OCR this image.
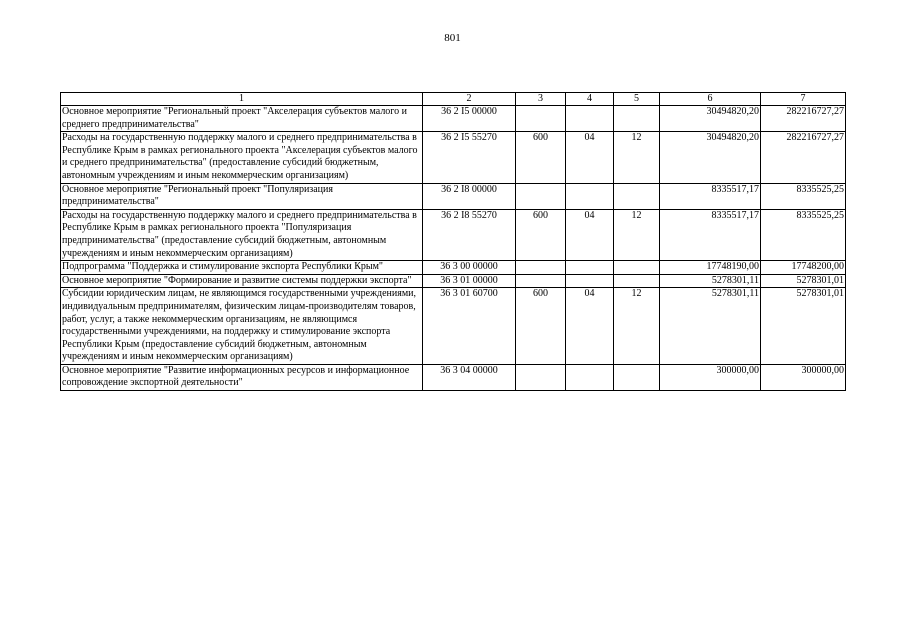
801
1	2	3	4	5	6	7
Основное мероприятие "Региональный проект "Акселерация субъектов малого и среднего предпринимательства"	36 2 I5 00000				30494820,20	282216727,27
Расходы на государственную поддержку малого и среднего предпринимательства в Республике Крым в рамках регионального проекта "Акселерация субъектов малого и среднего предпринимательства" (предоставление субсидий бюджетным, автономным учреждениям и иным некоммерческим организациям)	36 2 I5 55270	600	04	12	30494820,20	282216727,27
Основное мероприятие "Региональный проект "Популяризация предпринимательства"	36 2 I8 00000				8335517,17	8335525,25
Расходы на государственную поддержку малого и среднего предпринимательства в Республике Крым в рамках регионального проекта "Популяризация предпринимательства" (предоставление субсидий бюджетным, автономным учреждениям и иным некоммерческим организациям)	36 2 I8 55270	600	04	12	8335517,17	8335525,25
Подпрограмма "Поддержка и стимулирование экспорта Республики Крым"	36 3 00 00000				17748190,00	17748200,00
Основное мероприятие "Формирование и развитие системы поддержки экспорта"	36 3 01 00000				5278301,11	5278301,01
Субсидии юридическим лицам, не являющимся государственными учреждениями, индивидуальным предпринимателям, физическим лицам-производителям товаров, работ, услуг, а также некоммерческим организациям, не являющимся государственными учреждениями, на поддержку и стимулирование экспорта Республики Крым (предоставление субсидий бюджетным, автономным учреждениям и иным некоммерческим организациям)	36 3 01 60700	600	04	12	5278301,11	5278301,01
Основное мероприятие "Развитие информационных ресурсов и информационное сопровождение экспортной деятельности"	36 3 04 00000				300000,00	300000,00
